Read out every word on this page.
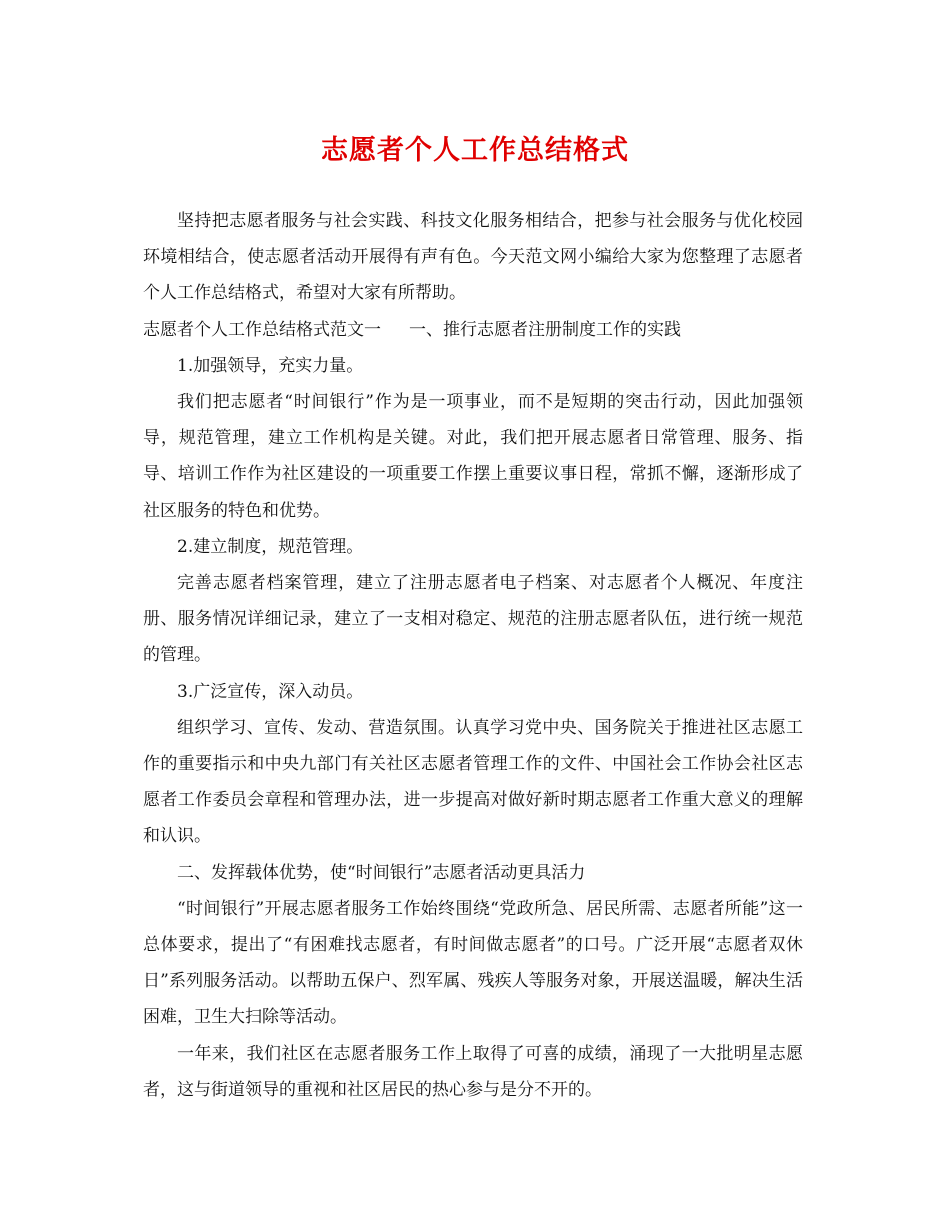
志愿者个人工作总结格式

坚持把志愿者服务与社会实践、科技文化服务相结合，把参与社会服务与优化校园环境相结合，使志愿者活动开展得有声有色。今天范文网小编给大家为您整理了志愿者个人工作总结格式，希望对大家有所帮助。

志愿者个人工作总结格式范文一 一、推行志愿者注册制度工作的实践

1.加强领导，充实力量。

我们把志愿者“时间银行”作为是一项事业，而不是短期的突击行动，因此加强领导，规范管理，建立工作机构是关键。对此，我们把开展志愿者日常管理、服务、指导、培训工作作为社区建设的一项重要工作摆上重要议事日程，常抓不懈，逐渐形成了社区服务的特色和优势。

2.建立制度，规范管理。

完善志愿者档案管理，建立了注册志愿者电子档案、对志愿者个人概况、年度注册、服务情况详细记录，建立了一支相对稳定、规范的注册志愿者队伍，进行统一规范的管理。

3.广泛宣传，深入动员。

组织学习、宣传、发动、营造氛围。认真学习党中央、国务院关于推进社区志愿工作的重要指示和中央九部门有关社区志愿者管理工作的文件、中国社会工作协会社区志愿者工作委员会章程和管理办法，进一步提高对做好新时期志愿者工作重大意义的理解和认识。

二、发挥载体优势，使“时间银行”志愿者活动更具活力

“时间银行”开展志愿者服务工作始终围绕“党政所急、居民所需、志愿者所能”这一总体要求，提出了“有困难找志愿者，有时间做志愿者”的口号。广泛开展“志愿者双休日”系列服务活动。以帮助五保户、烈军属、残疾人等服务对象，开展送温暖，解决生活困难，卫生大扫除等活动。

一年来，我们社区在志愿者服务工作上取得了可喜的成绩，涌现了一大批明星志愿者，这与街道领导的重视和社区居民的热心参与是分不开的。
